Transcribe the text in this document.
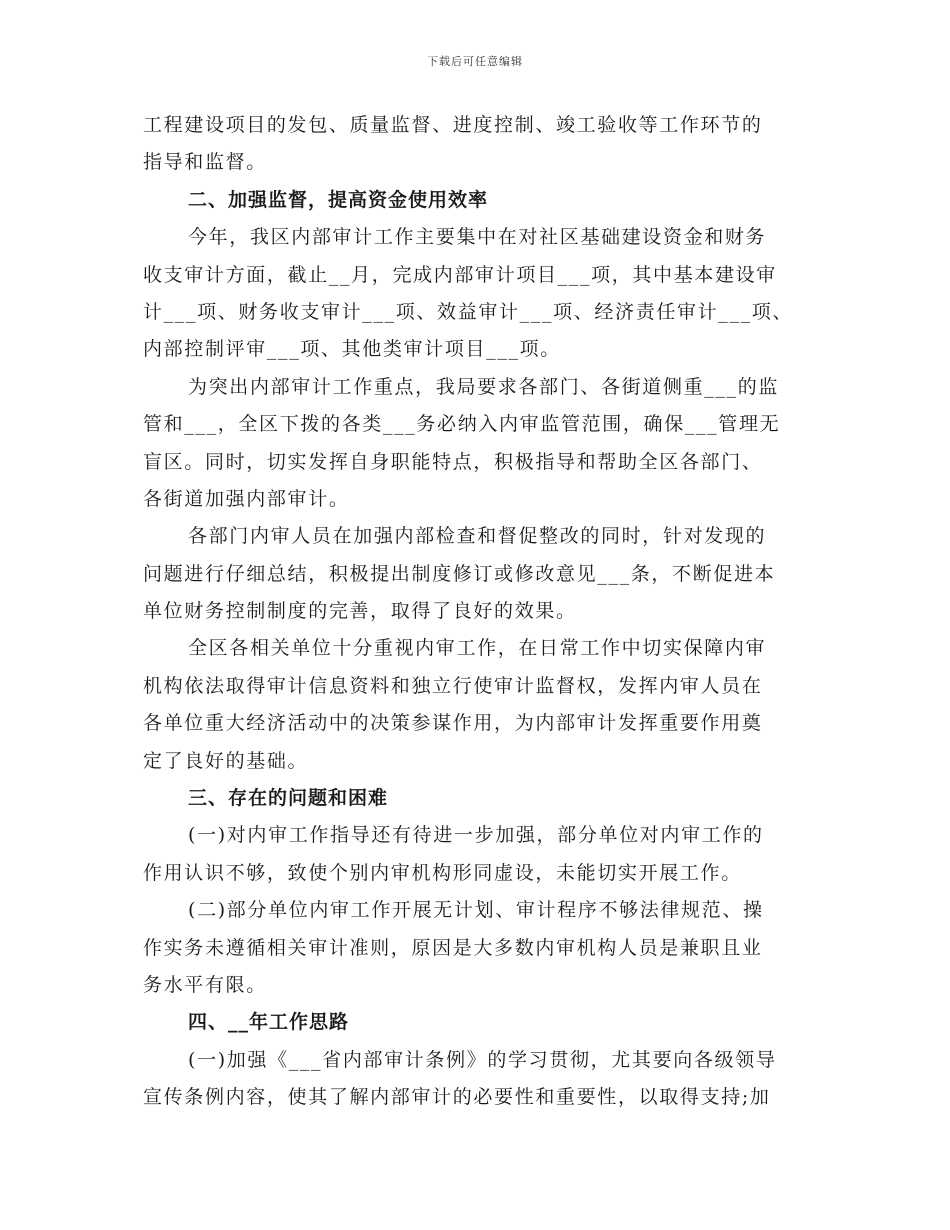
下载后可任意编辑
工程建设项目的发包、质量监督、进度控制、竣工验收等工作环节的
指导和监督。
二、加强监督，提高资金使用效率
今年，我区内部审计工作主要集中在对社区基础建设资金和财务
收支审计方面，截止__月，完成内部审计项目___项，其中基本建设审
计___项、财务收支审计___项、效益审计___项、经济责任审计___项、
内部控制评审___项、其他类审计项目___项。
为突出内部审计工作重点，我局要求各部门、各街道侧重___的监
管和___，全区下拨的各类___务必纳入内审监管范围，确保___管理无
盲区。同时，切实发挥自身职能特点，积极指导和帮助全区各部门、
各街道加强内部审计。
各部门内审人员在加强内部检查和督促整改的同时，针对发现的
问题进行仔细总结，积极提出制度修订或修改意见___条，不断促进本
单位财务控制制度的完善，取得了良好的效果。
全区各相关单位十分重视内审工作，在日常工作中切实保障内审
机构依法取得审计信息资料和独立行使审计监督权，发挥内审人员在
各单位重大经济活动中的决策参谋作用，为内部审计发挥重要作用奠
定了良好的基础。
三、存在的问题和困难
(一)对内审工作指导还有待进一步加强，部分单位对内审工作的
作用认识不够，致使个别内审机构形同虚设，未能切实开展工作。
(二)部分单位内审工作开展无计划、审计程序不够法律规范、操
作实务未遵循相关审计准则，原因是大多数内审机构人员是兼职且业
务水平有限。
四、__年工作思路
(一)加强《___省内部审计条例》的学习贯彻，尤其要向各级领导
宣传条例内容，使其了解内部审计的必要性和重要性，以取得支持;加
